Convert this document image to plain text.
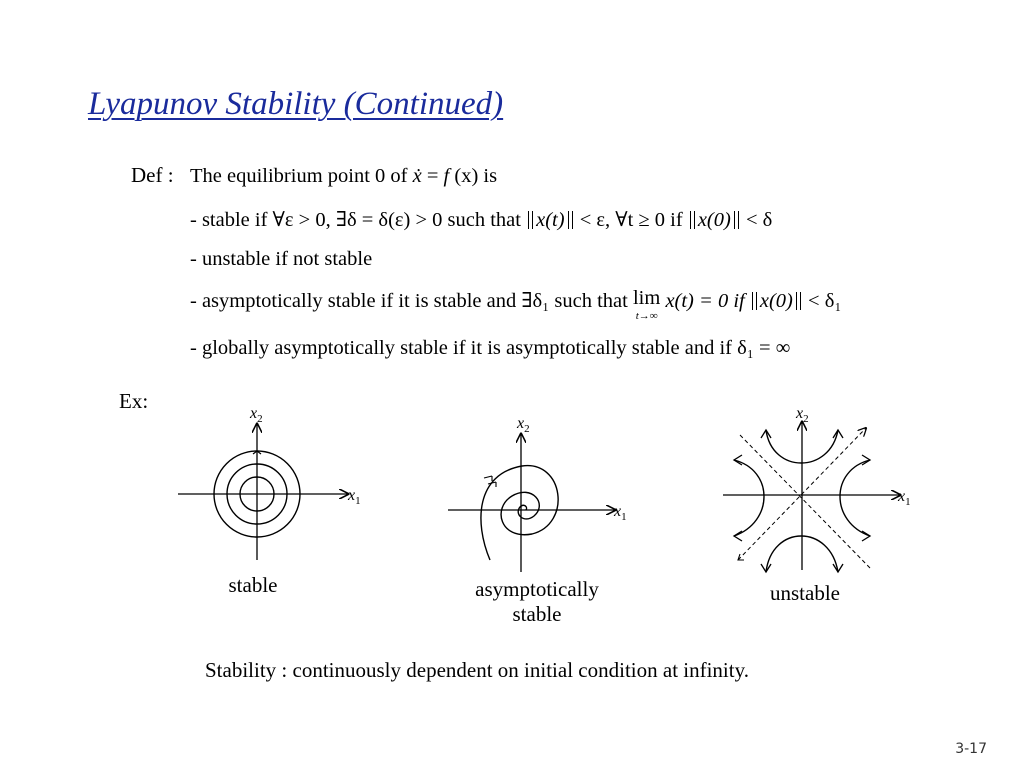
Lyapunov Stability (Continued)
Def : The equilibrium point 0 of ẋ = f (x) is
- stable if ∀ε > 0, ∃δ = δ(ε) > 0 such that x(t) < ε, ∀t ≥ 0 if x(0) < δ
- unstable if not stable
- asymptotically stable if it is stable and ∃δ₁ such that lim
t→∞
x(t) = 0 if x(0) < δ₁
- globally asymptotically stable if it is asymptotically stable and if δ₁ = ∞
Ex:
$x_2$
$x_1$
stable
$x_2$
$x_1$
asymptotically stable
$x_2$
$x_1$
unstable
Stability : continuously dependent on initial condition at infinity.
3-17
